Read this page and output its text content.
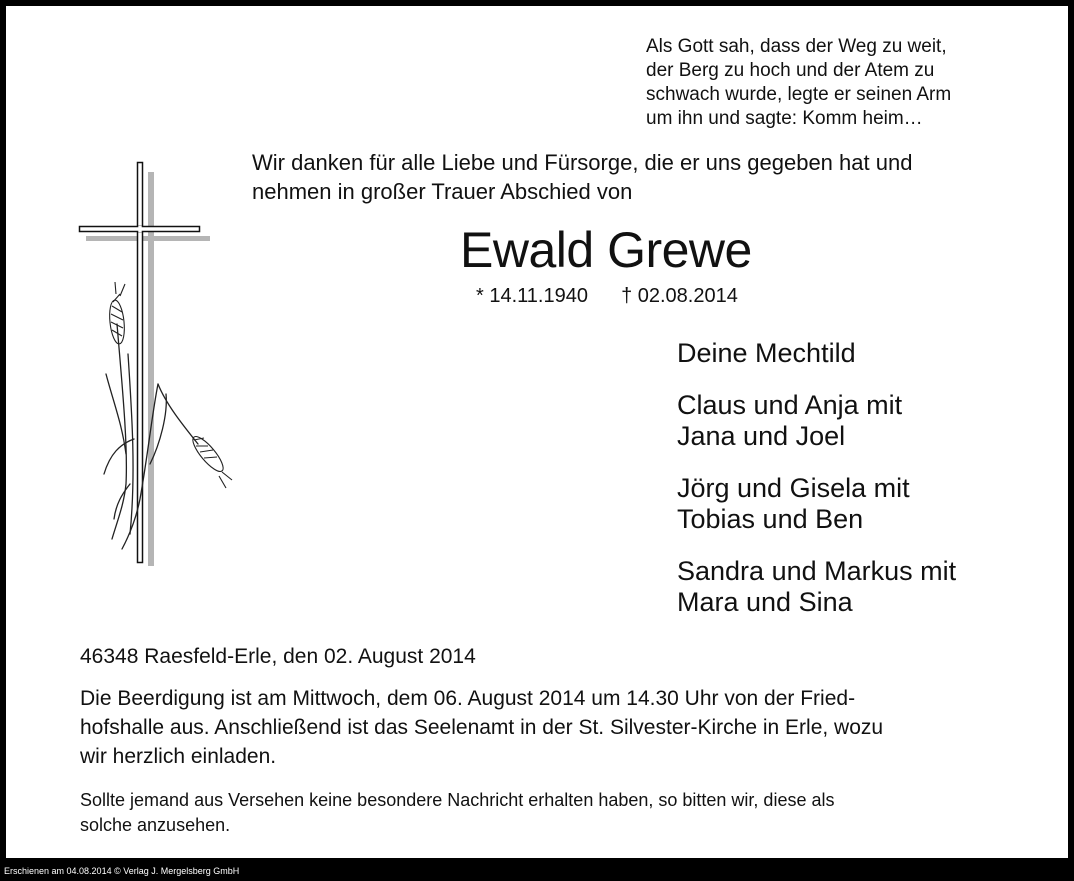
Als Gott sah, dass der Weg zu weit,
der Berg zu hoch und der Atem zu
schwach wurde, legte er seinen Arm
um ihn und sagte: Komm heim…
Wir danken für alle Liebe und Fürsorge, die er uns gegeben hat und
nehmen in großer Trauer Abschied von
Ewald Grewe
* 14.11.1940 † 02.08.2014
Deine Mechtild
Claus und Anja mit
Jana und Joel
Jörg und Gisela mit
Tobias und Ben
Sandra und Markus mit
Mara und Sina
46348 Raesfeld-Erle, den 02. August 2014
Die Beerdigung ist am Mittwoch, dem 06. August 2014 um 14.30 Uhr von der Fried-
hofshalle aus. Anschließend ist das Seelenamt in der St. Silvester-Kirche in Erle, wozu
wir herzlich einladen.
Sollte jemand aus Versehen keine besondere Nachricht erhalten haben, so bitten wir, diese als
solche anzusehen.
Erschienen am 04.08.2014 © Verlag J. Mergelsberg GmbH
